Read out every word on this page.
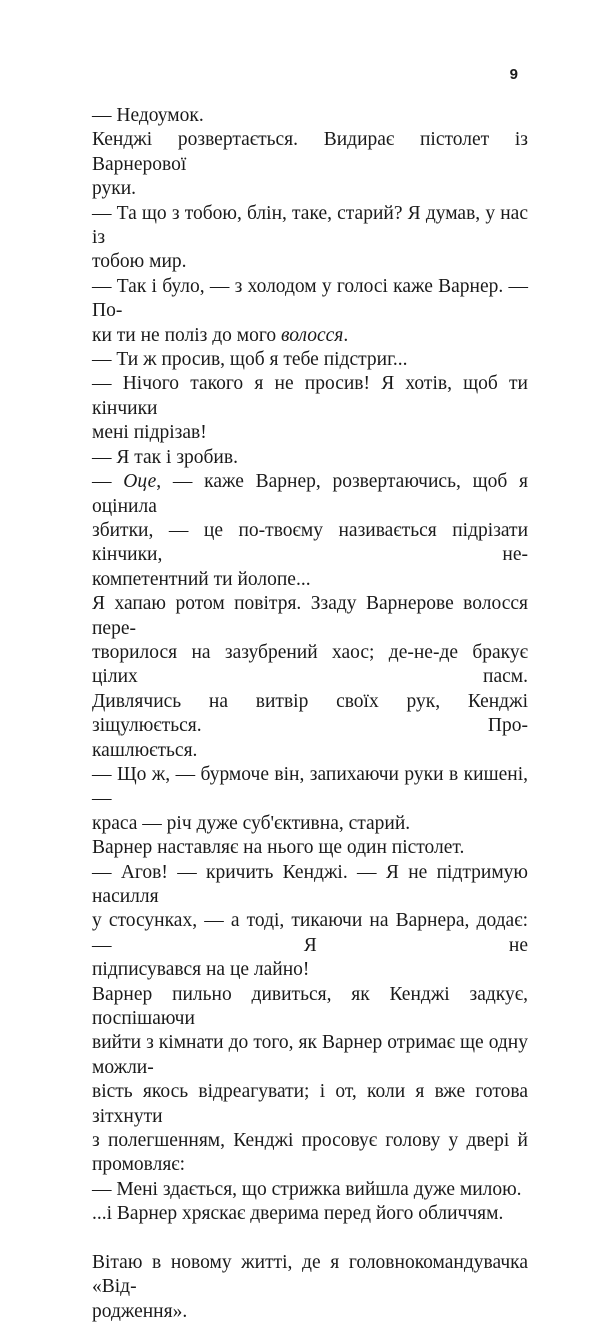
9
— Недоумок.
Кенджі розвертається. Видирає пістолет із Варнерової
руки.
— Та що з тобою, блін, таке, старий? Я думав, у нас із
тобою мир.
— Так і було, — з холодом у голосі каже Варнер. — По-
ки ти не поліз до мого волосся.
— Ти ж просив, щоб я тебе підстриг...
— Нічого такого я не просив! Я хотів, щоб ти кінчики
мені підрізав!
— Я так і зробив.
— Оце, — каже Варнер, розвертаючись, щоб я оцінила
збитки, — це по-твоєму називається підрізати кінчики, не-
компетентний ти йолопе...
Я хапаю ротом повітря. Ззаду Варнерове волосся пере-
творилося на зазубрений хаос; де-не-де бракує цілих пасм.
Дивлячись на витвір своїх рук, Кенджі зіщулюється. Про-
кашлюється.
— Що ж, — бурмоче він, запихаючи руки в кишені, —
краса — річ дуже суб'єктивна, старий.
Варнер наставляє на нього ще один пістолет.
— Агов! — кричить Кенджі. — Я не підтримую насилля
у стосунках, — а тоді, тикаючи на Варнера, додає: — Я не
підписувався на це лайно!
Варнер пильно дивиться, як Кенджі задкує, поспішаючи
вийти з кімнати до того, як Варнер отримає ще одну можли-
вість якось відреагувати; і от, коли я вже готова зітхнути
з полегшенням, Кенджі просовує голову у двері й промовляє:
— Мені здається, що стрижка вийшла дуже милою.
...і Варнер хряскає дверима перед його обличчям.
Вітаю в новому житті, де я головнокомандувачка «Від-
родження».
